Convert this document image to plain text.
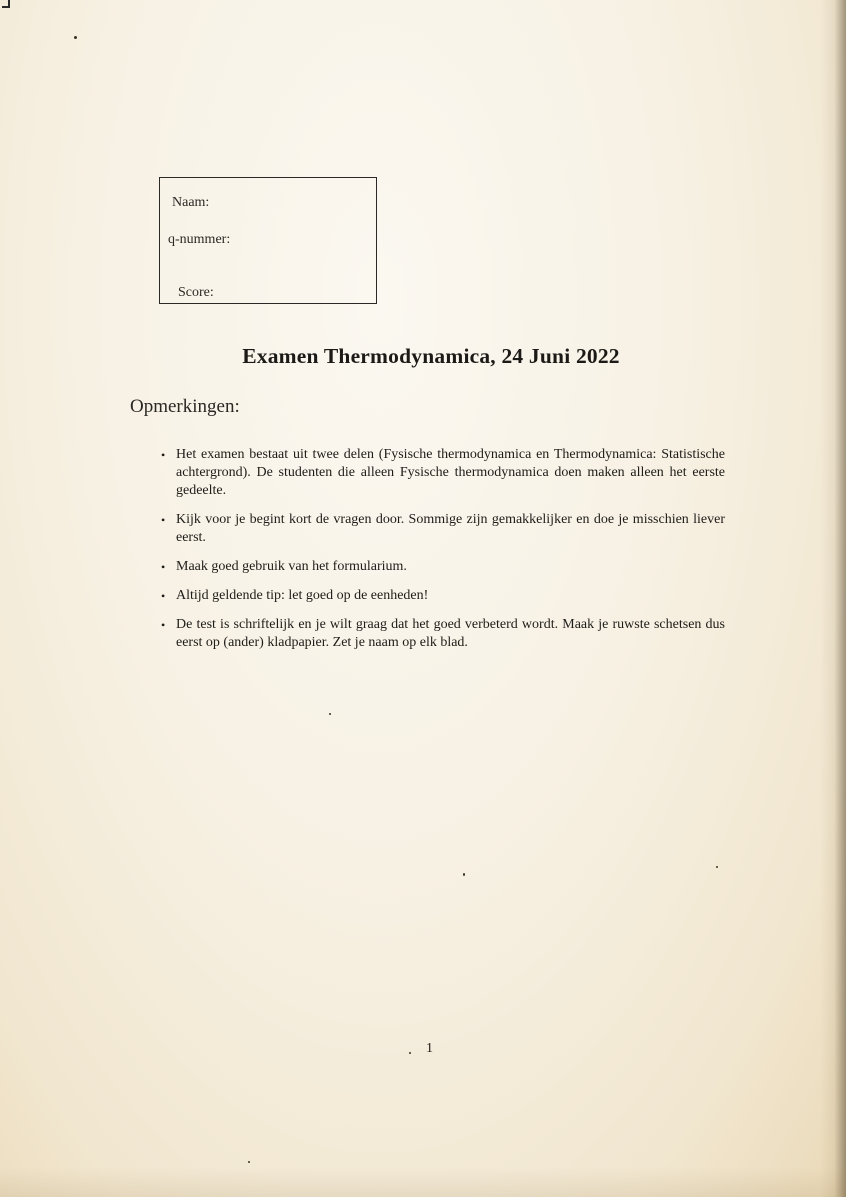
Naam:
q-nummer:
Score:
Examen Thermodynamica, 24 Juni 2022
Opmerkingen:
• Het examen bestaat uit twee delen (Fysische thermodynamica en Thermodynamica: Statistische achtergrond). De studenten die alleen Fysische thermodynamica doen maken alleen het eerste gedeelte.
• Kijk voor je begint kort de vragen door. Sommige zijn gemakkelijker en doe je misschien liever eerst.
• Maak goed gebruik van het formularium.
• Altijd geldende tip: let goed op de eenheden!
• De test is schriftelijk en je wilt graag dat het goed verbeterd wordt. Maak je ruwste schetsen dus eerst op (ander) kladpapier. Zet je naam op elk blad.
1
